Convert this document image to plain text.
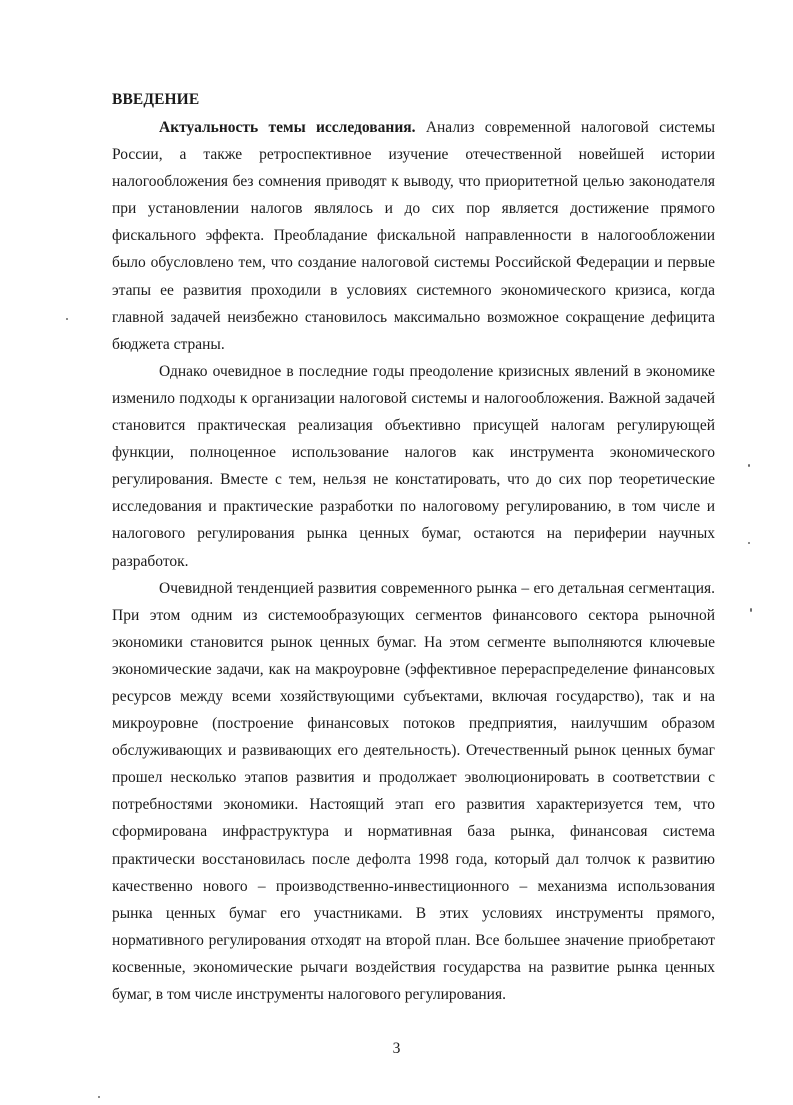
ВВЕДЕНИЕ

Актуальность темы исследования. Анализ современной налоговой системы России, а также ретроспективное изучение отечественной новейшей истории налогообложения без сомнения приводят к выводу, что приоритетной целью законодателя при установлении налогов являлось и до сих пор является достижение прямого фискального эффекта. Преобладание фискальной направленности в налогообложении было обусловлено тем, что создание налоговой системы Российской Федерации и первые этапы ее развития проходили в условиях системного экономического кризиса, когда главной задачей неизбежно становилось максимально возможное сокращение дефицита бюджета страны.

Однако очевидное в последние годы преодоление кризисных явлений в экономике изменило подходы к организации налоговой системы и налогообложения. Важной задачей становится практическая реализация объективно присущей налогам регулирующей функции, полноценное использование налогов как инструмента экономического регулирования. Вместе с тем, нельзя не констатировать, что до сих пор теоретические исследования и практические разработки по налоговому регулированию, в том числе и налогового регулирования рынка ценных бумаг, остаются на периферии научных разработок.

Очевидной тенденцией развития современного рынка – его детальная сегментация. При этом одним из системообразующих сегментов финансового сектора рыночной экономики становится рынок ценных бумаг. На этом сегменте выполняются ключевые экономические задачи, как на макроуровне (эффективное перераспределение финансовых ресурсов между всеми хозяйствующими субъектами, включая государство), так и на микроуровне (построение финансовых потоков предприятия, наилучшим образом обслуживающих и развивающих его деятельность). Отечественный рынок ценных бумаг прошел несколько этапов развития и продолжает эволюционировать в соответствии с потребностями экономики. Настоящий этап его развития характеризуется тем, что сформирована инфраструктура и нормативная база рынка, финансовая система практически восстановилась после дефолта 1998 года, который дал толчок к развитию качественно нового – производственно-инвестиционного – механизма использования рынка ценных бумаг его участниками. В этих условиях инструменты прямого, нормативного регулирования отходят на второй план. Все большее значение приобретают косвенные, экономические рычаги воздействия государства на развитие рынка ценных бумаг, в том числе инструменты налогового регулирования.

3
